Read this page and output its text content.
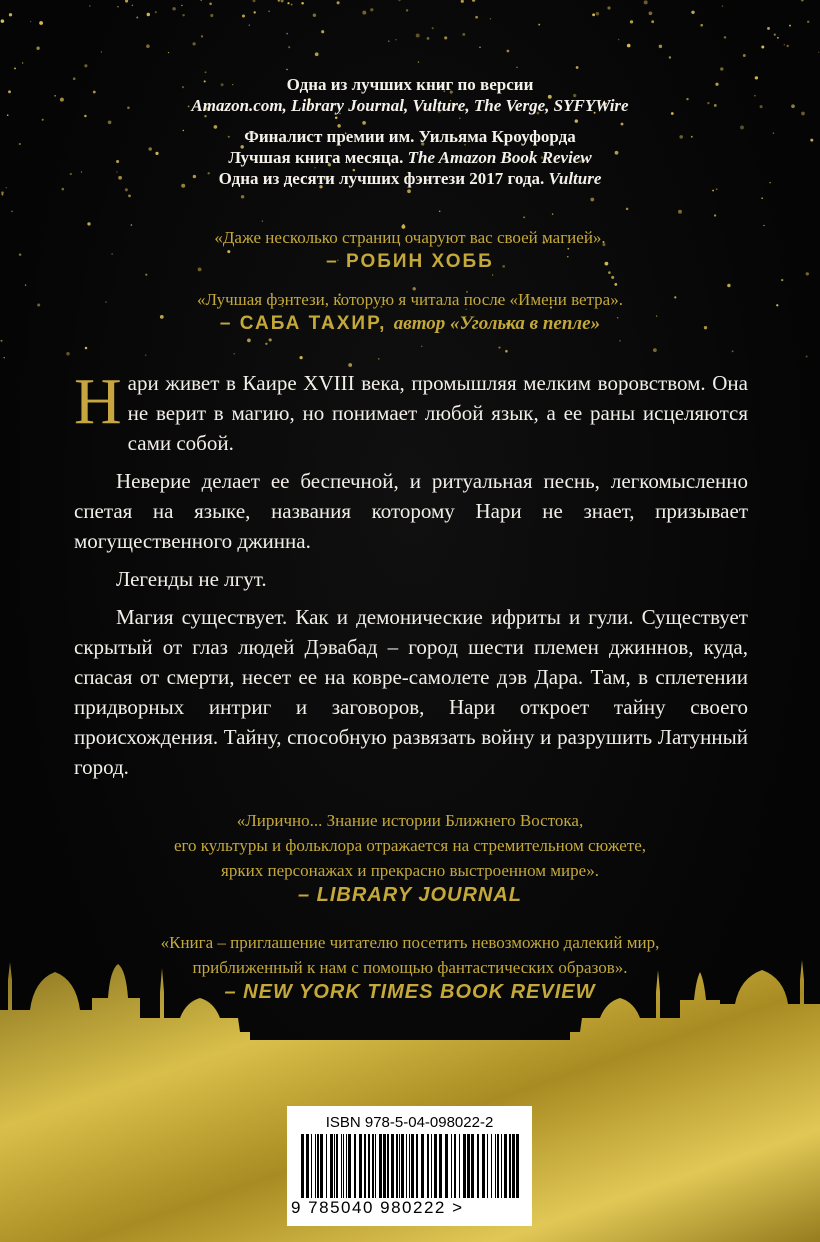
Одна из лучших книг по версии
Amazon.com, Library Journal, Vulture, The Verge, SYFYWire
Финалист премии им. Уильяма Кроуфорда
Лучшая книга месяца. The Amazon Book Review
Одна из десяти лучших фэнтези 2017 года. Vulture
«Даже несколько страниц очаруют вас своей магией».
– РОБИН ХОББ
«Лучшая фэнтези, которую я читала после «Имени ветра».
– САБА ТАХИР, автор «Уголька в пепле»

Нари живет в Каире XVIII века, промышляя мелким воровством. Она не верит в магию, но понимает любой язык, а ее раны исцеляются сами собой.

Неверие делает ее беспечной, и ритуальная песнь, легкомысленно спетая на языке, названия которому Нари не знает, призывает могущественного джинна.

Легенды не лгут.

Магия существует. Как и демонические ифриты и гули. Существует скрытый от глаз людей Дэвабад – город шести племен джиннов, куда, спасая от смерти, несет ее на ковре-самолете дэв Дара. Там, в сплетении придворных интриг и заговоров, Нари откроет тайну своего происхождения. Тайну, способную развязать войну и разрушить Латунный город.

«Лирично... Знание истории Ближнего Востока,
его культуры и фольклора отражается на стремительном сюжете,
ярких персонажах и прекрасно выстроенном мире».
– LIBRARY JOURNAL
«Книга – приглашение читателю посетить невозможно далекий мир,
приближенный к нам с помощью фантастических образов».
– NEW YORK TIMES BOOK REVIEW
ISBN 978-5-04-098022-2
9 785040 980222 >
